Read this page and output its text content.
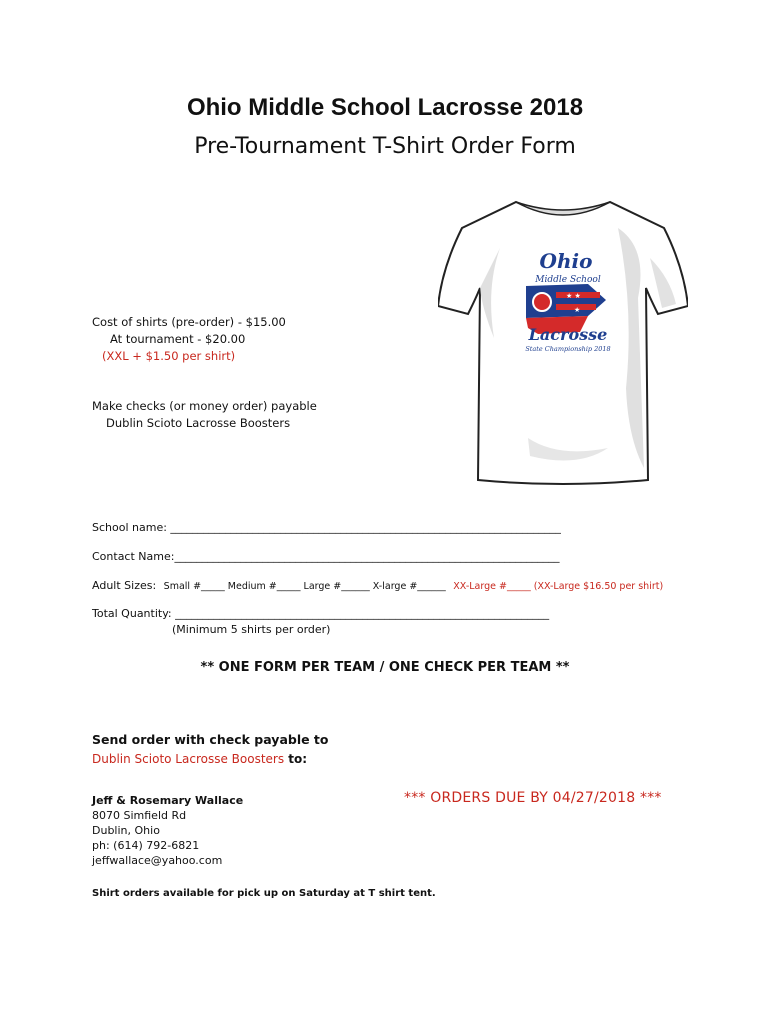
Ohio Middle School Lacrosse 2018
Pre-Tournament T-Shirt Order Form
Ohio
Middle School
★ ★
★
Lacrosse
State Championship 2018
Cost of shirts (pre-order) - $15.00
At tournament - $20.00
(XXL + $1.50 per shirt)
Make checks (or money order) payable
Dublin Scioto Lacrosse Boosters
School name: _______________________________________________________________________
Contact Name:______________________________________________________________________
Adult Sizes: Small #_____ Medium #_____ Large #______ X-large #______ XX-Large #_____ (XX-Large $16.50 per shirt)
Total Quantity: ____________________________________________________________________
(Minimum 5 shirts per order)
** ONE FORM PER TEAM / ONE CHECK PER TEAM **
Send order with check payable to
Dublin Scioto Lacrosse Boosters to:
Jeff & Rosemary Wallace
8070 Simfield Rd
Dublin, Ohio
ph: (614) 792-6821
jeffwallace@yahoo.com
*** ORDERS DUE BY 04/27/2018 ***
Shirt orders available for pick up on Saturday at T shirt tent.
